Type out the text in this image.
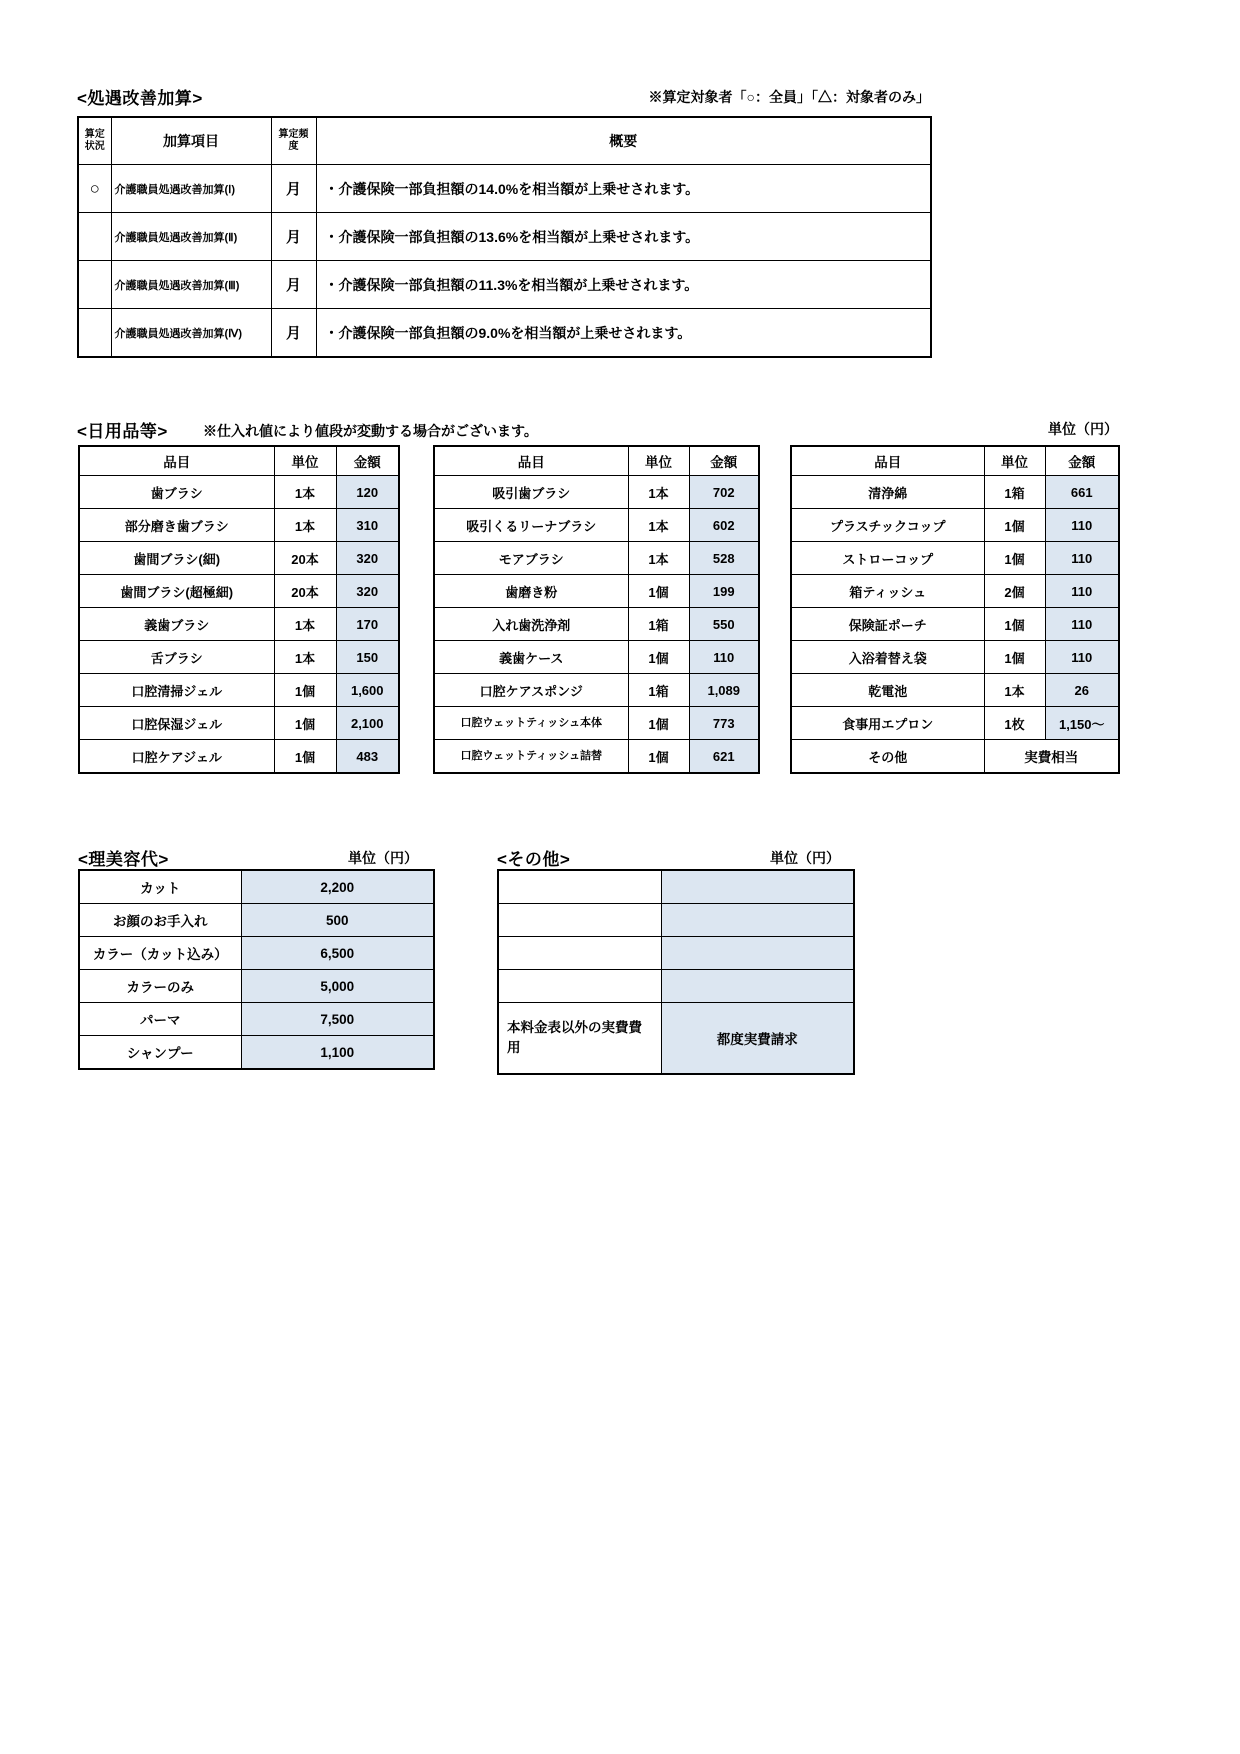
<処遇改善加算>	※算定対象者「○：全員」「△：対象者のみ」
算定状況	加算項目	算定頻度	概要
○	介護職員処遇改善加算(Ⅰ)	月	・介護保険一部負担額の14.0%を相当額が上乗せされます。
	介護職員処遇改善加算(Ⅱ)	月	・介護保険一部負担額の13.6%を相当額が上乗せされます。
	介護職員処遇改善加算(Ⅲ)	月	・介護保険一部負担額の11.3%を相当額が上乗せされます。
	介護職員処遇改善加算(Ⅳ)	月	・介護保険一部負担額の9.0%を相当額が上乗せされます。
<日用品等>	※仕入れ値により値段が変動する場合がございます。	単位（円）
品目	単位	金額
歯ブラシ	1本	120
部分磨き歯ブラシ	1本	310
歯間ブラシ(細)	20本	320
歯間ブラシ(超極細)	20本	320
義歯ブラシ	1本	170
舌ブラシ	1本	150
口腔清掃ジェル	1個	1,600
口腔保湿ジェル	1個	2,100
口腔ケアジェル	1個	483
品目	単位	金額
吸引歯ブラシ	1本	702
吸引くるリーナブラシ	1本	602
モアブラシ	1本	528
歯磨き粉	1個	199
入れ歯洗浄剤	1箱	550
義歯ケース	1個	110
口腔ケアスポンジ	1箱	1,089
口腔ウェットティッシュ本体	1個	773
口腔ウェットティッシュ詰替	1個	621
品目	単位	金額
清浄綿	1箱	661
プラスチックコップ	1個	110
ストローコップ	1個	110
箱ティッシュ	2個	110
保険証ポーチ	1個	110
入浴着替え袋	1個	110
乾電池	1本	26
食事用エプロン	1枚	1,150〜
その他	実費相当	
<理美容代>	単位（円）
カット	2,200
お顔のお手入れ	500
カラー（カット込み）	6,500
カラーのみ	5,000
パーマ	7,500
シャンプー	1,100
<その他>	単位（円）

本料金表以外の実費費用	都度実費請求
